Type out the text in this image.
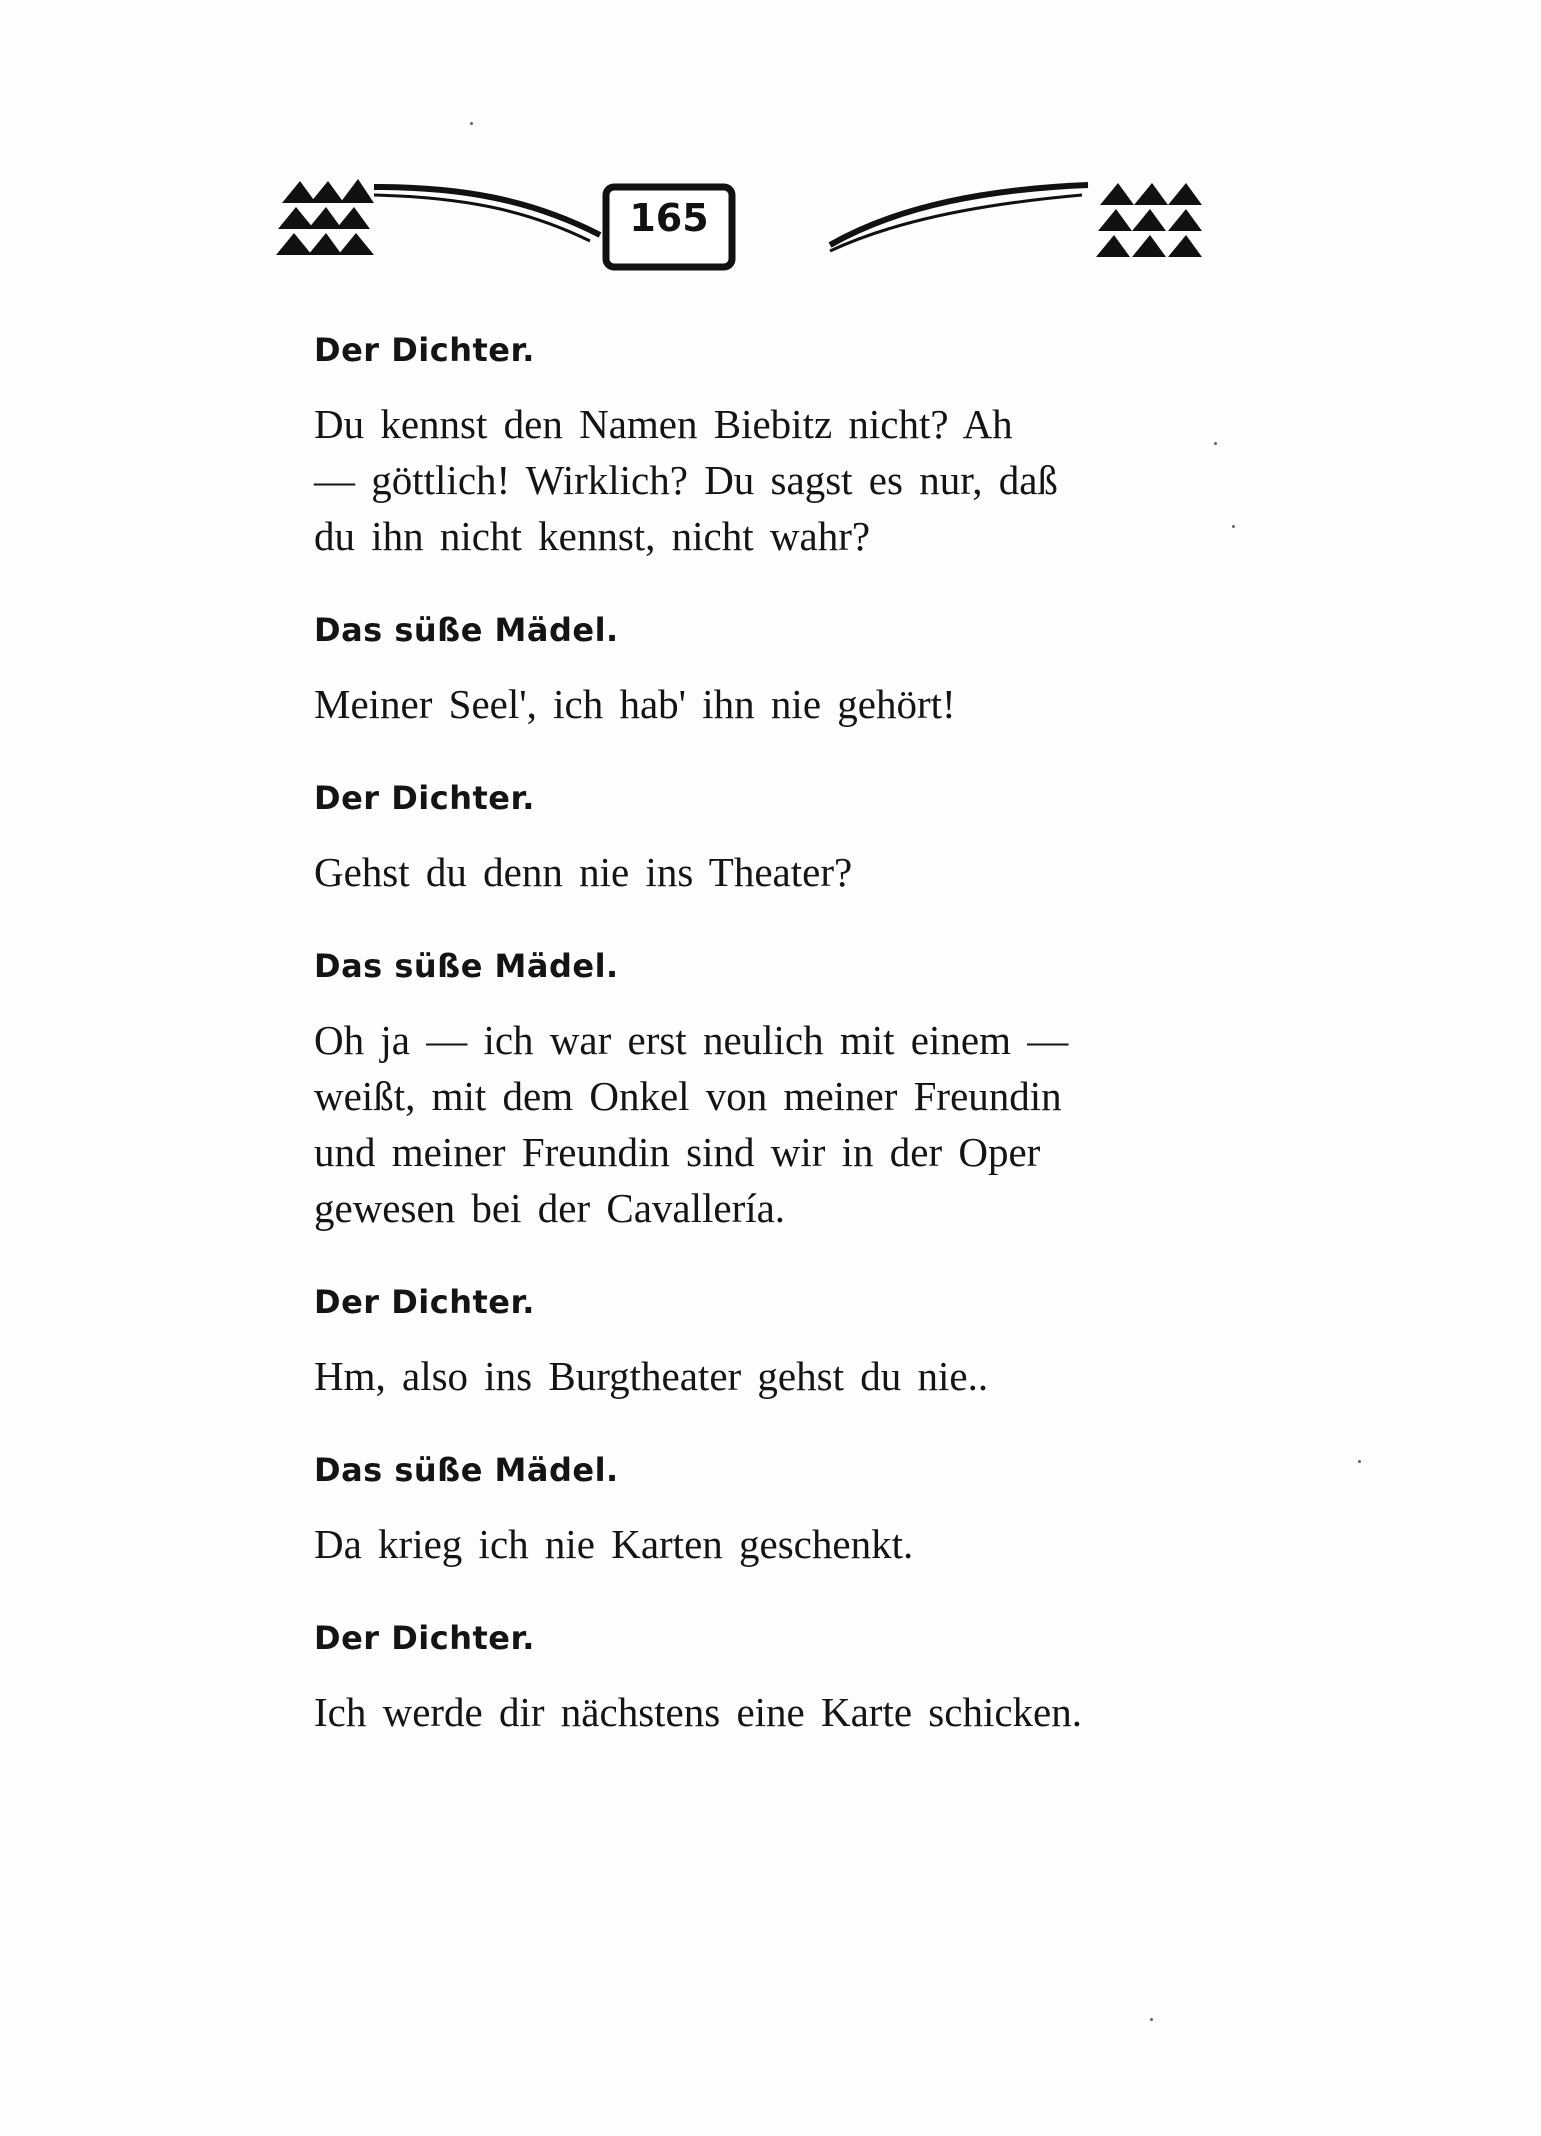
165

Der Dichter.

Du kennst den Namen Biebitz nicht? Ah

— göttlich! Wirklich? Du sagst es nur, daß

du ihn nicht kennst, nicht wahr?

Das süße Mädel.

Meiner Seel', ich hab' ihn nie gehört!

Der Dichter.

Gehst du denn nie ins Theater?

Das süße Mädel.

Oh ja — ich war erst neulich mit einem —

weißt, mit dem Onkel von meiner Freundin

und meiner Freundin sind wir in der Oper

gewesen bei der Cavallería.

Der Dichter.

Hm, also ins Burgtheater gehst du nie..

Das süße Mädel.

Da krieg ich nie Karten geschenkt.

Der Dichter.

Ich werde dir nächstens eine Karte schicken.
